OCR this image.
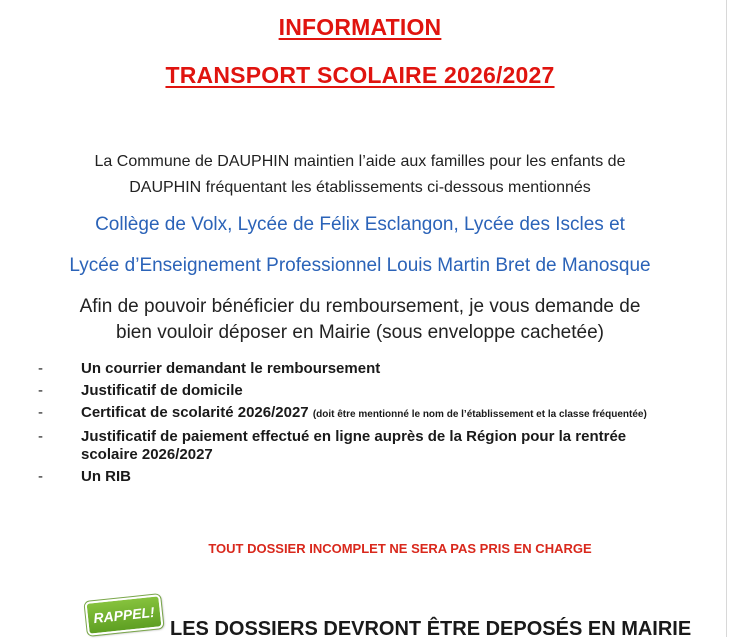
INFORMATION
TRANSPORT SCOLAIRE 2026/2027
La Commune de DAUPHIN maintien l’aide aux familles pour les enfants de
DAUPHIN fréquentant les établissements ci-dessous mentionnés
Collège de Volx, Lycée de Félix Esclangon, Lycée des Iscles et
Lycée d’Enseignement Professionnel Louis Martin Bret de Manosque
Afin de pouvoir bénéficier du remboursement, je vous demande de
bien vouloir déposer en Mairie (sous enveloppe cachetée)
-	Un courrier demandant le remboursement
-	Justificatif de domicile
-	Certificat de scolarité 2026/2027 (doit être mentionné le nom de l’établissement et la classe fréquentée)
-	Justificatif de paiement effectué en ligne auprès de la Région pour la rentrée scolaire 2026/2027
-	Un RIB
TOUT DOSSIER INCOMPLET NE SERA PAS PRIS EN CHARGE
RAPPEL!
LES DOSSIERS DEVRONT ÊTRE DEPOSÉS EN MAIRIE
